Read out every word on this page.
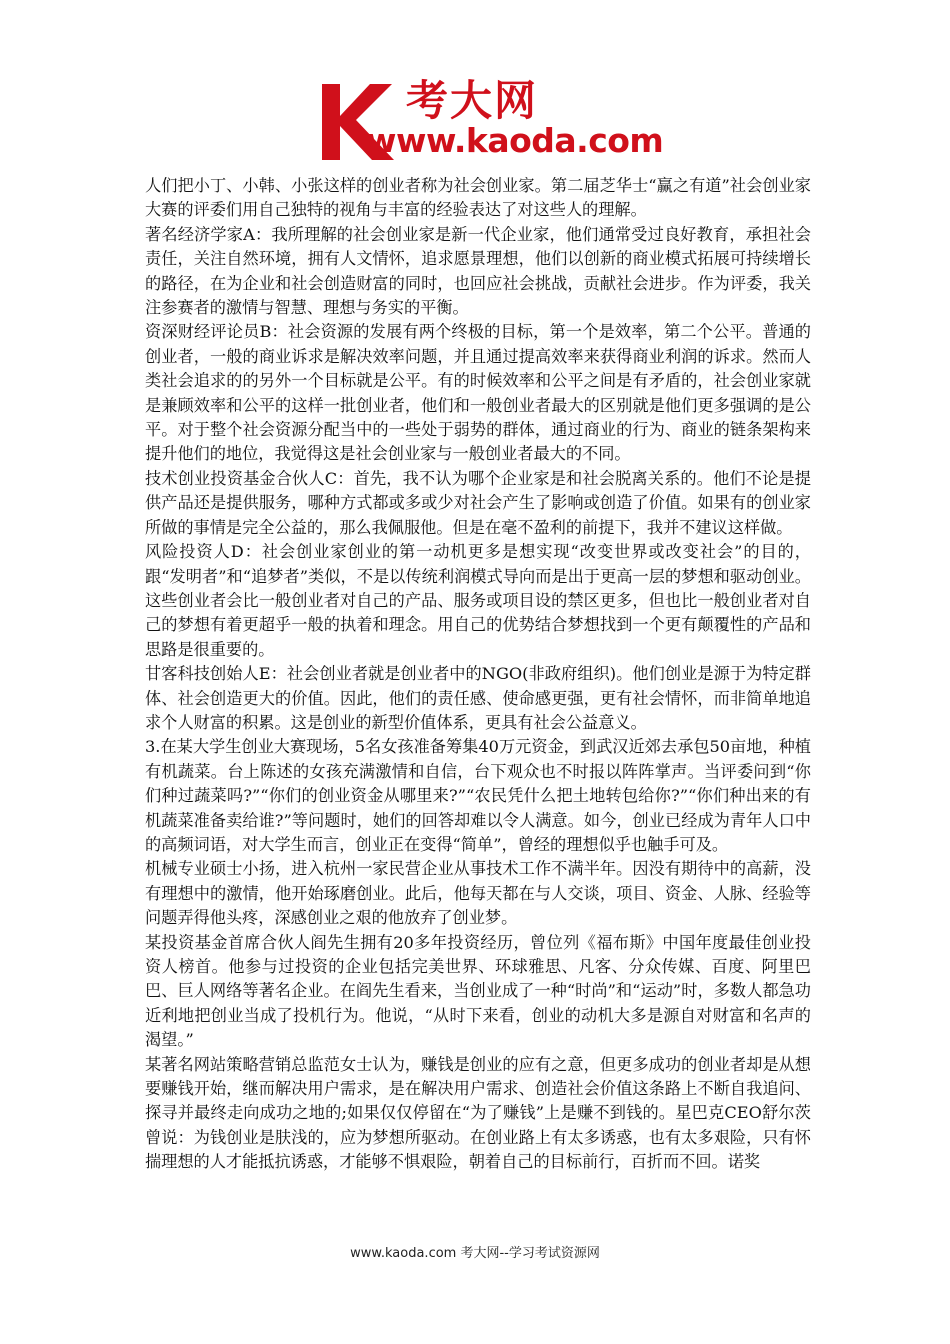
考大网
www.kaoda.com

人们把小丁、小韩、小张这样的创业者称为社会创业家。第二届芝华士“赢之有道”社会创业家大赛的评委们用自己独特的视角与丰富的经验表达了对这些人的理解。

著名经济学家A：我所理解的社会创业家是新一代企业家，他们通常受过良好教育，承担社会责任，关注自然环境，拥有人文情怀，追求愿景理想，他们以创新的商业模式拓展可持续增长的路径，在为企业和社会创造财富的同时，也回应社会挑战，贡献社会进步。作为评委，我关注参赛者的激情与智慧、理想与务实的平衡。

资深财经评论员B：社会资源的发展有两个终极的目标，第一个是效率，第二个公平。普通的创业者，一般的商业诉求是解决效率问题，并且通过提高效率来获得商业利润的诉求。然而人类社会追求的的另外一个目标就是公平。有的时候效率和公平之间是有矛盾的，社会创业家就是兼顾效率和公平的这样一批创业者，他们和一般创业者最大的区别就是他们更多强调的是公平。对于整个社会资源分配当中的一些处于弱势的群体，通过商业的行为、商业的链条架构来提升他们的地位，我觉得这是社会创业家与一般创业者最大的不同。

技术创业投资基金合伙人C：首先，我不认为哪个企业家是和社会脱离关系的。他们不论是提供产品还是提供服务，哪种方式都或多或少对社会产生了影响或创造了价值。如果有的创业家所做的事情是完全公益的，那么我佩服他。但是在毫不盈利的前提下，我并不建议这样做。

风险投资人D：社会创业家创业的第一动机更多是想实现“改变世界或改变社会”的目的，跟“发明者”和“追梦者”类似，不是以传统利润模式导向而是出于更高一层的梦想和驱动创业。这些创业者会比一般创业者对自己的产品、服务或项目设的禁区更多，但也比一般创业者对自己的梦想有着更超乎一般的执着和理念。用自己的优势结合梦想找到一个更有颠覆性的产品和思路是很重要的。

甘客科技创始人E：社会创业者就是创业者中的NGO(非政府组织)。他们创业是源于为特定群体、社会创造更大的价值。因此，他们的责任感、使命感更强，更有社会情怀，而非简单地追求个人财富的积累。这是创业的新型价值体系，更具有社会公益意义。

3.在某大学生创业大赛现场，5名女孩准备筹集40万元资金，到武汉近郊去承包50亩地，种植有机蔬菜。台上陈述的女孩充满激情和自信，台下观众也不时报以阵阵掌声。当评委问到“你们种过蔬菜吗?”“你们的创业资金从哪里来?”“农民凭什么把土地转包给你?”“你们种出来的有机蔬菜准备卖给谁?”等问题时，她们的回答却难以令人满意。如今，创业已经成为青年人口中的高频词语，对大学生而言，创业正在变得“简单”，曾经的理想似乎也触手可及。

机械专业硕士小扬，进入杭州一家民营企业从事技术工作不满半年。因没有期待中的高薪，没有理想中的激情，他开始琢磨创业。此后，他每天都在与人交谈，项目、资金、人脉、经验等问题弄得他头疼，深感创业之艰的他放弃了创业梦。

某投资基金首席合伙人阎先生拥有20多年投资经历，曾位列《福布斯》中国年度最佳创业投资人榜首。他参与过投资的企业包括完美世界、环球雅思、凡客、分众传媒、百度、阿里巴巴、巨人网络等著名企业。在阎先生看来，当创业成了一种“时尚”和“运动”时，多数人都急功近利地把创业当成了投机行为。他说，“从时下来看，创业的动机大多是源自对财富和名声的渴望。”

某著名网站策略营销总监范女士认为，赚钱是创业的应有之意，但更多成功的创业者却是从想要赚钱开始，继而解决用户需求，是在解决用户需求、创造社会价值这条路上不断自我追问、探寻并最终走向成功之地的;如果仅仅停留在“为了赚钱”上是赚不到钱的。星巴克CEO舒尔茨曾说：为钱创业是肤浅的，应为梦想所驱动。在创业路上有太多诱惑，也有太多艰险，只有怀揣理想的人才能抵抗诱惑，才能够不惧艰险，朝着自己的目标前行，百折而不回。诺奖

www.kaoda.com 考大网--学习考试资源网
